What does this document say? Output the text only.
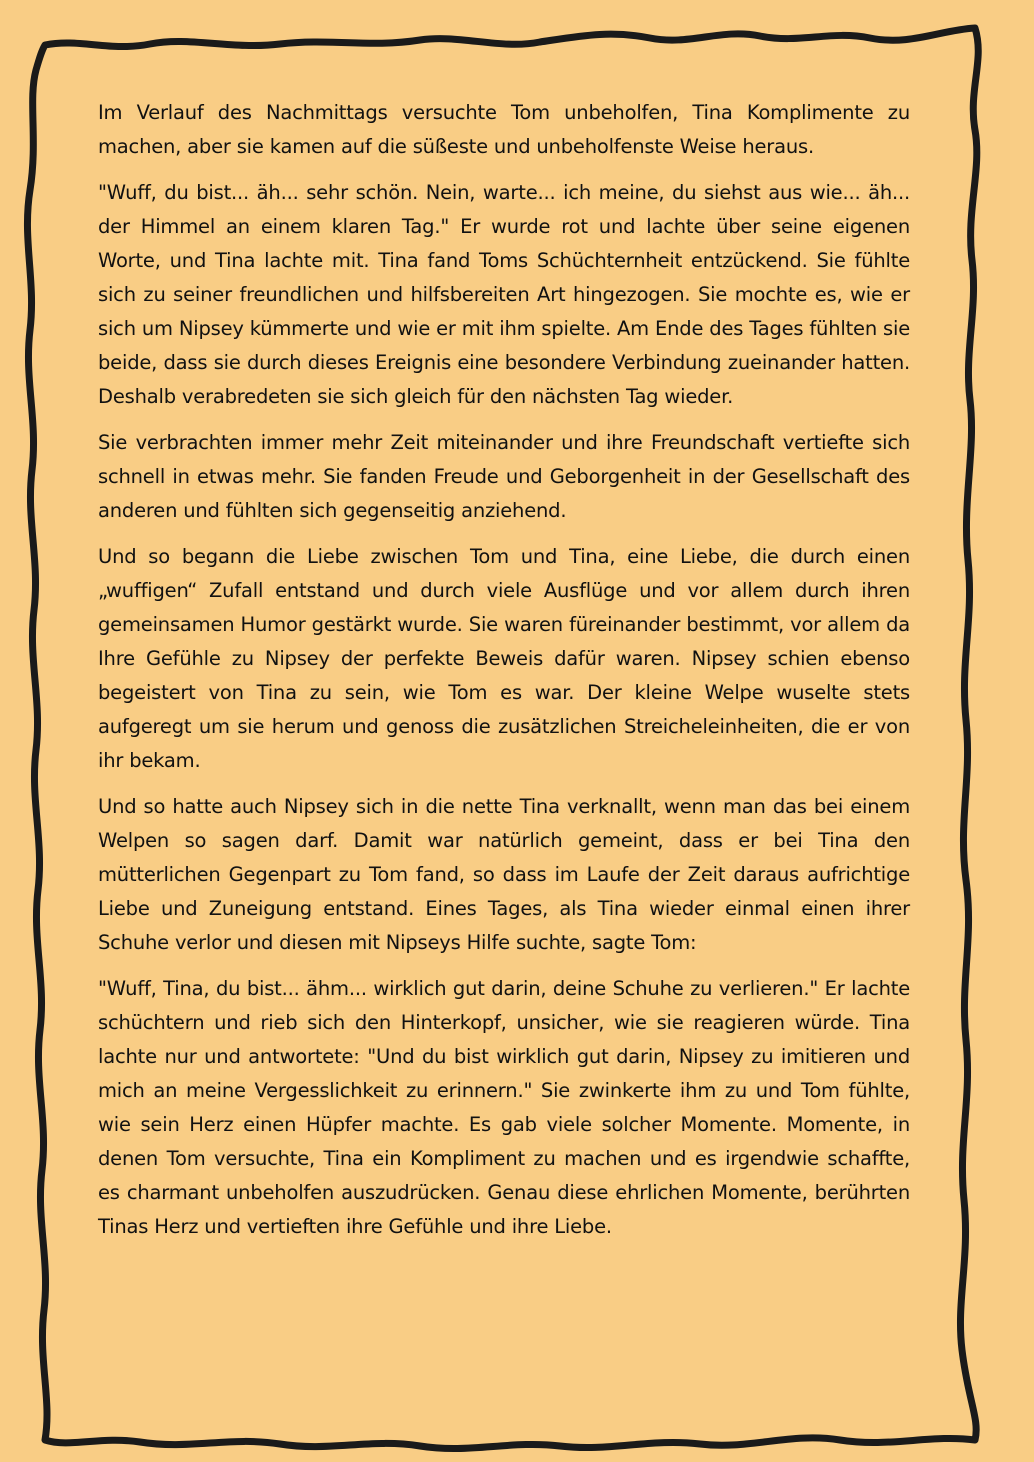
Im Verlauf des Nachmittags versuchte Tom unbeholfen, Tina Komplimente zu machen, aber sie kamen auf die süßeste und unbeholfenste Weise heraus.

"Wuff, du bist... äh... sehr schön. Nein, warte... ich meine, du siehst aus wie... äh... der Himmel an einem klaren Tag." Er wurde rot und lachte über seine eigenen Worte, und Tina lachte mit. Tina fand Toms Schüchternheit entzückend. Sie fühlte sich zu seiner freundlichen und hilfsbereiten Art hingezogen. Sie mochte es, wie er sich um Nipsey kümmerte und wie er mit ihm spielte. Am Ende des Tages fühlten sie beide, dass sie durch dieses Ereignis eine besondere Verbindung zueinander hatten. Deshalb verabredeten sie sich gleich für den nächsten Tag wieder.

Sie verbrachten immer mehr Zeit miteinander und ihre Freundschaft vertiefte sich schnell in etwas mehr. Sie fanden Freude und Geborgenheit in der Gesellschaft des anderen und fühlten sich gegenseitig anziehend.

Und so begann die Liebe zwischen Tom und Tina, eine Liebe, die durch einen „wuffigen“ Zufall entstand und durch viele Ausflüge und vor allem durch ihren gemeinsamen Humor gestärkt wurde. Sie waren füreinander bestimmt, vor allem da Ihre Gefühle zu Nipsey der perfekte Beweis dafür waren. Nipsey schien ebenso begeistert von Tina zu sein, wie Tom es war. Der kleine Welpe wuselte stets aufgeregt um sie herum und genoss die zusätzlichen Streicheleinheiten, die er von ihr bekam.

Und so hatte auch Nipsey sich in die nette Tina verknallt, wenn man das bei einem Welpen so sagen darf. Damit war natürlich gemeint, dass er bei Tina den mütterlichen Gegenpart zu Tom fand, so dass im Laufe der Zeit daraus aufrichtige Liebe und Zuneigung entstand. Eines Tages, als Tina wieder einmal einen ihrer Schuhe verlor und diesen mit Nipseys Hilfe suchte, sagte Tom:

"Wuff, Tina, du bist... ähm... wirklich gut darin, deine Schuhe zu verlieren." Er lachte schüchtern und rieb sich den Hinterkopf, unsicher, wie sie reagieren würde. Tina lachte nur und antwortete: "Und du bist wirklich gut darin, Nipsey zu imitieren und mich an meine Vergesslichkeit zu erinnern." Sie zwinkerte ihm zu und Tom fühlte, wie sein Herz einen Hüpfer machte. Es gab viele solcher Momente. Momente, in denen Tom versuchte, Tina ein Kompliment zu machen und es irgendwie schaffte, es charmant unbeholfen auszudrücken. Genau diese ehrlichen Momente, berührten Tinas Herz und vertieften ihre Gefühle und ihre Liebe.
